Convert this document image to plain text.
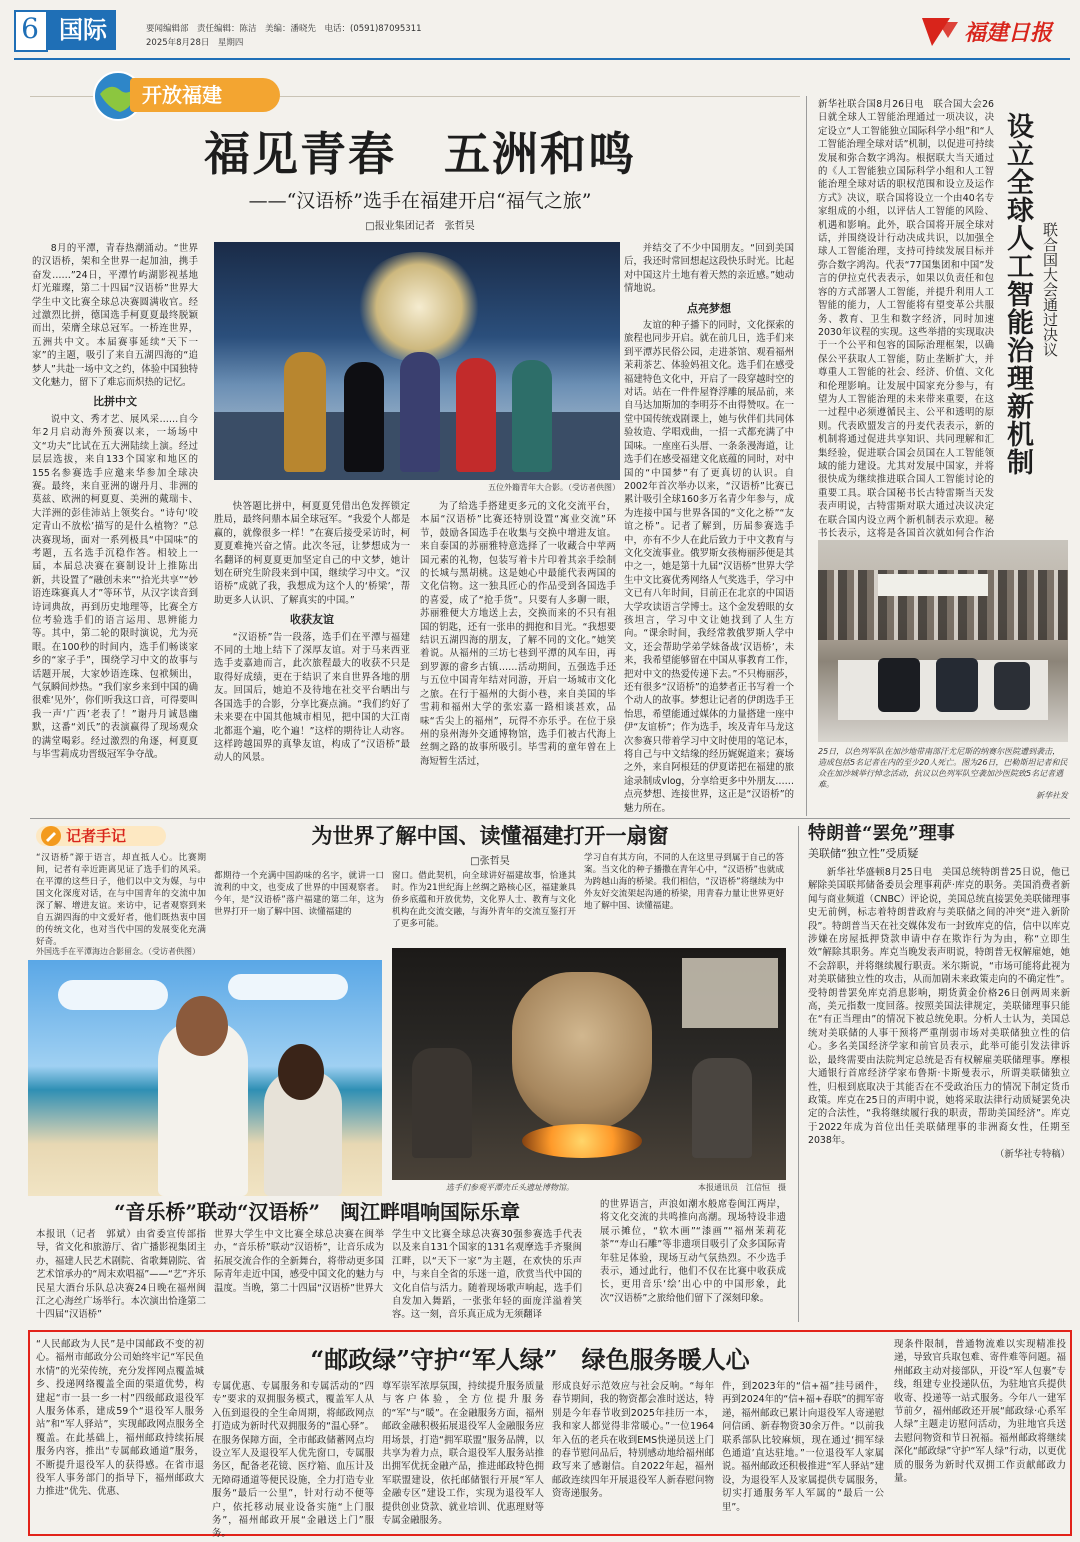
6 国际	要闻编辑部　责任编辑：陈洁　美编：潘晓先　电话：(0591)87095311
2025年8月28日　星期四	福建日报
开放福建
福见青春　五洲和鸣
——“汉语桥”选手在福建开启“福气之旅”
□报业集团记者　张哲昊

8月的平潭，青春热潮涌动。“世界的汉语桥，架和全世界一起加油，携手奋发……”24日，平潭竹屿湖影视基地灯光璀璨，第二十四届“汉语桥”世界大学生中文比赛全球总决赛圆满收官。经过激烈比拼，德国选手柯夏夏最终脱颖而出，荣膺全球总冠军。一桥连世界，五洲共中文。本届赛事延续“天下一家”的主题，吸引了来自五湖四海的“追梦人”共赴一场中文之约，体验中国独特文化魅力，留下了难忘而炽热的记忆。

比拼中文

说中文、秀才艺、展风采……自今年2月启动海外预赛以来，一场场中文“功夫”比试在五大洲陆续上演。经过层层选拔，来自133个国家和地区的155名参赛选手应邀来华参加全球决赛。最终，来自亚洲的谢丹月、非洲的莫兹、欧洲的柯夏夏、美洲的戴瑞卡、大洋洲的彭佳沛站上领奖台。“诗句‘咬定青山不放松’描写的是什么植物？”总决赛现场，面对一系列极具“中国味”的考题，五名选手沉稳作答。相较上一届，本届总决赛在赛制设计上推陈出新，共设置了“融创未来”“拾光共享”“妙语连珠赛真人才”等环节，从汉字读音到诗词典故，再到历史地理等，比赛全方位考验选手们的语言运用、思辨能力等。其中，第二轮的限时演说，尤为亮眼。在100秒的时间内，选手们畅谈家乡的“家子手”，围绕学习中文的故事与话题开展，大家妙语连珠、包袱频出，气氛瞬间炒热。“我们家乡来到中国的确很难‘见外’，你们听我这口音，可得要叫我一声‘广西’老表了！”谢丹月诚恳幽默，这番“刘氏”的表演赢得了现场观众的满堂喝彩。经过激烈的角逐，柯夏夏与毕雪莉成功晋级冠军争夺战。

五位外籍青年大合影。（受访者供图）

快答题比拼中，柯夏夏凭借出色发挥锁定胜局，最终问鼎本届全球冠军。“我爱个人都是赢的，就像很多一样！”在赛后接受采访时，柯夏夏难掩兴奋之情。此次冬冠，让梦想成为一名翻译的柯夏夏更加坚定自己的中文梦，她计划在研究生阶段来到中国，继续学习中文。“汉语桥”成就了我，我想成为这个人的‘桥梁’，帮助更多人认识、了解真实的中国。”

收获友谊

“汉语桥”告一段落，选手们在平潭与福建不同的土地上结下了深厚友谊。对于马来西亚选手麦嘉迪而言，此次旅程最大的收获不只是取得好成绩，更在于结识了来自世界各地的朋友。回国后，她迫不及待地在社交平台晒出与各国选手的合影，分享比赛点滴。“我们约好了未来要在中国其他城市相见，把中国的大江南北都逛个遍，吃个遍！”这样的期待让人动容。这样跨越国界的真挚友谊，构成了“汉语桥”最动人的风景。

为了给选手搭建更多元的文化交流平台，本届“汉语桥”比赛还特别设置“寓业交流”环节，鼓励各国选手在收集与交换中增进友谊。来自泰国的苏丽雅特意选择了一收藏合中苹两国元素的礼物，包装写着卡片印着其亲手绘制的长城与黑胡桃。这是她心中最能代表两国的文化信物。这一独具匠心的作品受到各国选手的喜爱，成了“抢手货”。只要有人多聊一眼，苏丽雅便大方地送上去，交换而来的不只有祖国的钥匙，还有一张串的拥抱和目光。“我想要结识五湖四海的朋友，了解不同的文化。”她笑着说。从福州的三坊七巷到平潭的风车田，再到罗源的畲乡古镇……活动期间，五强选手还与五位中国青年结对同游，开启一场城市文化之旅。在行于福州的大街小巷，来自美国的毕雪莉和福州大学的张宏嘉一路相谈甚欢，品味“舌尖上的福州”，玩得不亦乐乎。在位于泉州的泉州海外交通博物馆，选手们被古代海上丝绸之路的故事所吸引。毕雪莉的童年曾在上海短暂生活过，

并结交了不少中国朋友。“回到美国后，我还时常回想起这段快乐时光。比起对中国这片土地有着天然的亲近感。”她动情地说。

点亮梦想

友谊的种子播下的同时，文化探索的旅程也同步开启。就在前几日，选手们来到平潭苏民俗公园，走进茶馆、观看福州茉莉茶艺、体验妈祖文化。选手们在感受福建特色文化中，开启了一段穿越时空的对话。站在一件件屋脊浮雕的展品前，来自马达加斯加的李明芬不由得赞叹。在一堂中国传统戏剧课上，她与伙伴们共同体验妆造、学唱戏曲，一招一式都充满了中国味。一座座石头厝、一条条漫海道，让选手们在感受福建文化底蕴的同时，对中国的“中国梦”有了更真切的认识。自2002年首次举办以来，“汉语桥”比赛已累计吸引全球160多万名青少年参与，成为连接中国与世界各国的“文化之桥”“友谊之桥”。记者了解到，历届参赛选手中，亦有不少人在此后致力于中文教育与文化交流事业。俄罗斯女孩梅丽莎便是其中之一，她是第十九届“汉语桥”世界大学生中文比赛优秀网络人气奖选手，学习中文已有八年时间，目前正在北京的中国语大学攻读语言学博士。这个金发碧眼的女孩坦言，学习中文让她找到了人生方向。“课余时间，我经常教俄罗斯人学中文，还会帮助学弟学妹备战‘汉语桥’，未来，我希望能够留在中国从事教育工作，把对中文的热爱传递下去。”不只梅丽莎，还有很多“汉语桥”的追梦者正书写着一个个动人的故事。梦想让记者的伊朗选手王怡思，希望能通过媒体的力量搭建一座中伊“友谊桥”；作为选手，埃及青年马龙这次参赛只带着学习中文时使用的笔记本，将自己与中文结缘的经历娓娓道来；赛场之外，来自阿根廷的伊夏诺把在福建的旅途录制成vlog，分享给更多中外朋友……点亮梦想、连接世界，这正是“汉语桥”的魅力所在。

新华社联合国8月26日电　联合国大会26日就全球人工智能治理通过一项决议，决定设立“人工智能独立国际科学小组”和“人工智能治理全球对话”机制，以促进可持续发展和弥合数字鸿沟。根据联大当天通过的《人工智能独立国际科学小组和人工智能治理全球对话的职权范围和设立及运作方式》决议，联合国将设立一个由40名专家组成的小组，以评估人工智能的风险、机遇和影响。此外，联合国将开展全球对话，并围绕设计行动决成共识，以加强全球人工智能治理，支持可持续发展目标并弥合数字鸿沟。代表“77国集团和中国”发言的伊拉克代表表示，如果以负责任和包容的方式部署人工智能，并提升利用人工智能的能力，人工智能将有望变革公共服务、教育、卫生和数字经济，同时加速2030年议程的实现。这些举措的实现取决于一个公平和包容的国际治理框架，以确保公平获取人工智能，防止垄断扩大，并尊重人工智能的社会、经济、价值、文化和伦理影响。让发展中国家充分参与，有望为人工智能治理的未来带来重要，在这一过程中必须遵循民主、公平和透明的原则。代表欧盟发言的丹麦代表表示，新的机制将通过促进共享知识、共同理解和汇集经验，促进联合国会员国在人工智能领域的能力建设。尤其对发展中国家，并将很快成为继续推进联合国人工智能讨论的重要工具。联合国秘书长古特雷斯当天发表声明说，古特雷斯对联大通过决议决定在联合国内设立两个新机制表示欢迎。秘书长表示，这将是各国首次就如何合作治
设立全球人工智能治理新机制 联合国大会通过决议
25日，以色列军队在加沙地带南部汗尤尼斯的纳赛尔医院遭到袭击，造成包括5名记者在内的至少20人死亡。图为26日，巴勒斯坦记者和民众在加沙城举行悼念活动，抗议以色列军队空袭加沙医院致5名记者遇难。
新华社发
记者手记	为世界了解中国、读懂福建打开一扇窗
□张哲昊
“汉语桥”源于语言，却直抵人心。比赛期间，记者有幸近距离见证了选手们的风采。在平潭的这些日子，他们以中文为媒，与中国文化深度对话，在与中国青年的交流中加深了解、增进友谊。来访中，记者观察到来自五湖四海的中文爱好者，他们既热衷中国的传统文化，也对当代中国的发展变化充满好奇。
都期待一个充满中国韵味的名字，就讲一口流利的中文，也变成了世界的中国观察者。今年，是“汉语桥”落户福建的第二年，这为世界打开一扇了解中国、读懂福建的
窗口。借此契机，向全球讲好福建故事，恰逢其时。作为21世纪海上丝绸之路核心区，福建兼具侨乡底蕴和开放优势，文化界人士、教育与文化机构在此交流交融，与海外青年的交流互鉴打开了更多可能。
学习自有其方向，不同的人在这里寻到属于自己的答案。当文化的种子播撒在青年心中，“汉语桥”也就成为跨越山海的桥梁。我们相信，“汉语桥”将继续为中外友好交流架起沟通的桥梁，用青春力量让世界更好地了解中国、读懂福建。
外国选手在平潭海边合影留念。（受访者供图）
选手们参观平潭壳丘头遗址博物馆。	本报通讯员　江信恒　摄
“音乐桥”联动“汉语桥”　闽江畔唱响国际乐章
本报讯（记者　郭斌）由省委宣传部指导，省文化和旅游厅、省广播影视集团主办，福建人民艺术剧院、省歌舞剧院、省艺术馆承办的“周末欢唱福”——“艺”齐乐民星大酒台乐队总决赛24日晚在福州闽江之心海丝广场举行。本次演出恰逢第二十四届“汉语桥”
世界大学生中文比赛全球总决赛在闽举办，“音乐桥”联动“汉语桥”，让音乐成为拓展交流合作的全新舞台，将带动更多国际青年走近中国，感受中国文化的魅力与温度。当晚，第二十四届“汉语桥”世界大
学生中文比赛全球总决赛30强参赛选手代表以及来自131个国家的131名观摩选手齐聚闽江畔，以“天下一家”为主题，在欢快的乐声中，与来自全省的乐迷一道，欣赏当代中国的文化自信与活力。随着现场歌声响起，选手们自发加入舞蹈，一张张年轻的面庞洋溢着笑容。这一刻，音乐真正成为无须翻译
的世界语言，声浪如潮水般席卷闽江两岸，将文化交流的共鸣推向高潮。现场特设非遗展示摊位，“软木画”“漆画”“福州茉莉花茶”“寿山石雕”等非遗项目吸引了众多国际青年驻足体验，现场互动气氛热烈。不少选手表示，通过此行，他们不仅在比赛中收获成长，更用音乐‘绘’出心中的中国形象，此次“汉语桥”之旅给他们留下了深刻印象。
特朗普“罢免”理事
美联储“独立性”受质疑

新华社华盛顿8月25日电　美国总统特朗普25日说，他已解除美国联邦储备委员会理事莉萨·库克的职务。美国消费者新闻与商业频道（CNBC）评论说，美国总统直接罢免美联储理事史无前例，标志着特朗普政府与美联储之间的冲突“进入新阶段”。特朗普当天在社交媒体发布一封致库克的信，信中以库克涉嫌在房屋抵押贷款申请中存在欺诈行为为由，称“立即生效”解除其职务。库克当晚发表声明说，特朗普无权解雇她，她不会辞职，并将继续履行职责。米尔斯说，“市场可能将此视为对美联储独立性的攻击，从而加剧未来政策走向的不确定性”。受特朗普罢免库克消息影响，期货黄金价格26日创两周来新高，美元指数一度回落。按照美国法律规定，美联储理事只能在“有正当理由”的情况下被总统免职。分析人士认为，美国总统对美联储的人事干预将严重削弱市场对美联储独立性的信心。多名美国经济学家和前官员表示，此举可能引发法律诉讼，最终需要由法院判定总统是否有权解雇美联储理事。摩根大通银行首席经济学家布鲁斯·卡斯曼表示，所谓美联储独立性，归根到底取决于其能否在不受政治压力的情况下制定货币政策。库克在25日的声明中说，她将采取法律行动质疑罢免决定的合法性，“我将继续履行我的职责，帮助美国经济”。库克于2022年成为首位出任美联储理事的非洲裔女性，任期至2038年。

（新华社专特稿）
“邮政绿”守护“军人绿”　绿色服务暖人心
“人民邮政为人民”是中国邮政不变的初心。福州市邮政分公司始终牢记“军民鱼水情”的光荣传统，充分发挥网点覆盖城乡、投递网络覆盖全面的渠道优势，构建起“市一县一乡一村”四级邮政退役军人服务体系，建成59个“退役军人服务站”和“军人驿站”，实现邮政网点服务全覆盖。在此基础上，福州邮政持续拓展服务内容，推出“专属邮政通道”服务，不断提升退役军人的获得感。在省市退役军人事务部门的指导下，福州邮政大力推进“优先、优惠、
专属优惠、专属服务和专属活动的“四专”要求的双拥服务模式，覆盖军人从入伍到退役的全生命周期，将邮政网点打造成为新时代双拥服务的“温心驿”。在服务保障方面，全市邮政储蓄网点均设立军人及退役军人优先窗口，专属服务区，配备老花镜、医疗箱、血压计及无障碍通道等便民设施，全力打造专业服务“最后一公里”，针对行动不便等户，依托移动展业设备实施“上门服务”，福州邮政开展“金融送上门”服务。
尊军崇军浓厚氛围，持续提升服务质量与客户体验，全方位提升服务的“军”与“暖”。在金融服务方面，福州邮政金融积极拓展退役军人金融服务应用场景，打造“拥军联盟”服务品牌，以共享为着力点，联合退役军人服务站推出拥军优抚金融产品，推进邮政特色拥军联盟建设，依托邮储银行开展“军人金融专区”建设工作，实现为退役军人提供创业贷款、就业培训、优惠理财等专属金融服务。
形成良好示范效应与社会反响。“每年春节期间，我的物资都会准时送达，特别是今年春节收到2025年挂历一本，我和家人都觉得非常暖心。”一位1964年入伍的老兵在收到EMS快递员送上门的春节慰问品后，特别感动地给福州邮政写来了感谢信。自2022年起，福州邮政连续四年开展退役军人新春慰问物资寄递服务。
件，到2023年的“信+福”挂号函件，再到2024年的“信+福+春联”的拥军寄递，福州邮政已累计向退役军人寄递慰问信函、新春物资30余万件。“以前我联系部队比较麻烦，现在通过‘拥军绿色通道’直达驻地。”一位退役军人家属说。福州邮政还积极推进“军人驿站”建设，为退役军人及家属提供专属服务，切实打通服务军人军属的“最后一公里”。
现条件限制，普通物流难以实现精准投递，导致官兵取包难、寄件难等问题。福州邮政主动对接部队，开设“军人包裹”专线，组建专业投递队伍，为驻地官兵提供收寄、投递等一站式服务。今年八一建军节前夕，福州邮政还开展“邮政绿·心系军人绿”主题走访慰问活动，为驻地官兵送去慰问物资和节日祝福。福州邮政将继续深化“邮政绿”守护“军人绿”行动，以更优质的服务为新时代双拥工作贡献邮政力量。
